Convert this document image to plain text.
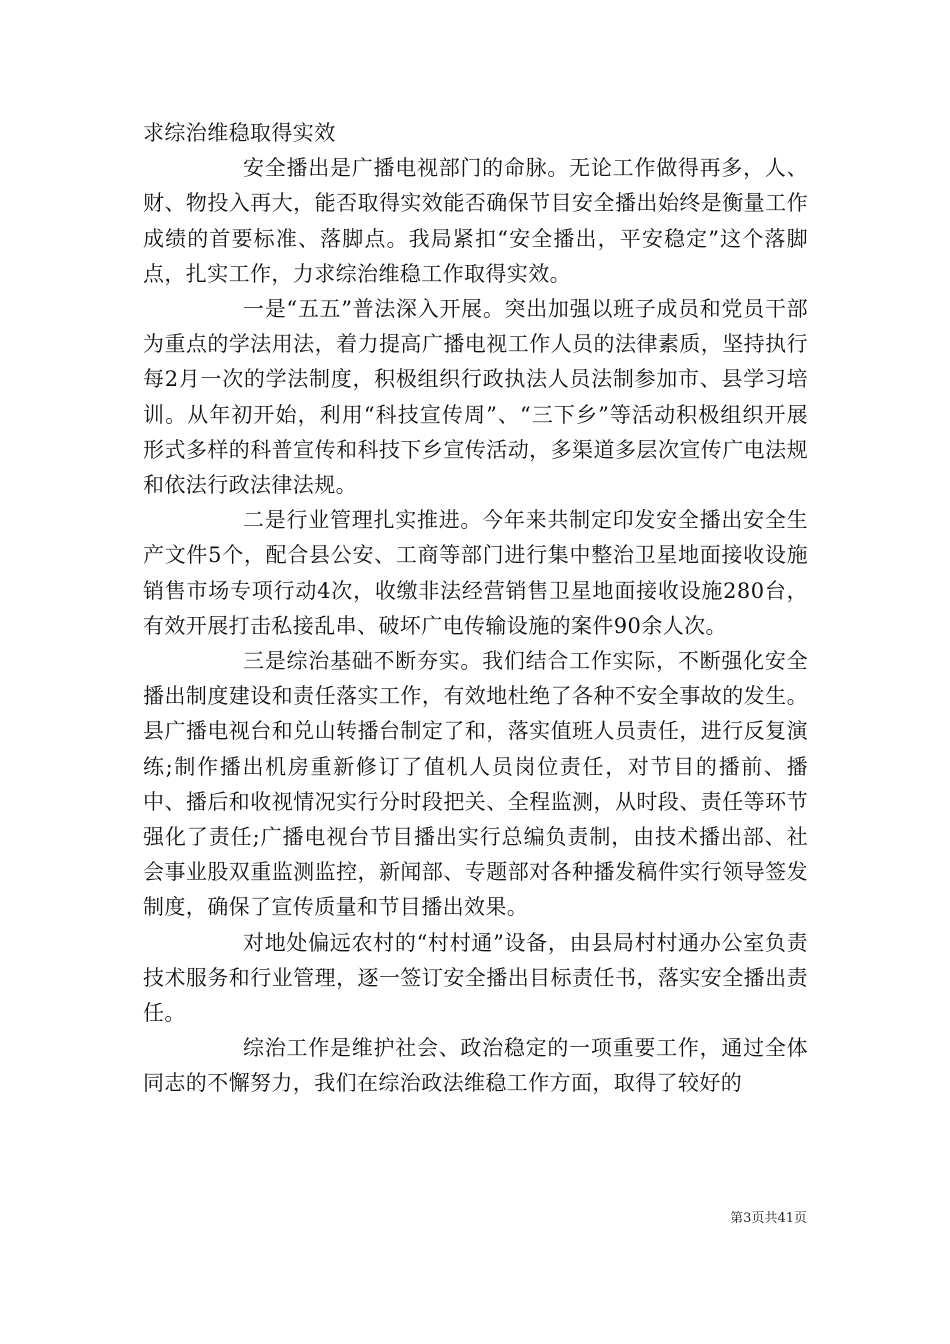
求综治维稳取得实效

安全播出是广播电视部门的命脉。无论工作做得再多，人、财、物投入再大，能否取得实效能否确保节目安全播出始终是衡量工作成绩的首要标准、落脚点。我局紧扣“安全播出，平安稳定”这个落脚点，扎实工作，力求综治维稳工作取得实效。

一是“五五”普法深入开展。突出加强以班子成员和党员干部为重点的学法用法，着力提高广播电视工作人员的法律素质，坚持执行每2月一次的学法制度，积极组织行政执法人员法制参加市、县学习培训。从年初开始，利用“科技宣传周”、“三下乡”等活动积极组织开展形式多样的科普宣传和科技下乡宣传活动，多渠道多层次宣传广电法规和依法行政法律法规。

二是行业管理扎实推进。今年来共制定印发安全播出安全生产文件5个，配合县公安、工商等部门进行集中整治卫星地面接收设施销售市场专项行动4次，收缴非法经营销售卫星地面接收设施280台，有效开展打击私接乱串、破坏广电传输设施的案件90余人次。

三是综治基础不断夯实。我们结合工作实际，不断强化安全播出制度建设和责任落实工作，有效地杜绝了各种不安全事故的发生。县广播电视台和兑山转播台制定了和，落实值班人员责任，进行反复演练;制作播出机房重新修订了值机人员岗位责任，对节目的播前、播中、播后和收视情况实行分时段把关、全程监测，从时段、责任等环节强化了责任;广播电视台节目播出实行总编负责制，由技术播出部、社会事业股双重监测监控，新闻部、专题部对各种播发稿件实行领导签发制度，确保了宣传质量和节目播出效果。

对地处偏远农村的“村村通”设备，由县局村村通办公室负责技术服务和行业管理，逐一签订安全播出目标责任书，落实安全播出责任。

综治工作是维护社会、政治稳定的一项重要工作，通过全体同志的不懈努力，我们在综治政法维稳工作方面，取得了较好的

第3页共41页
